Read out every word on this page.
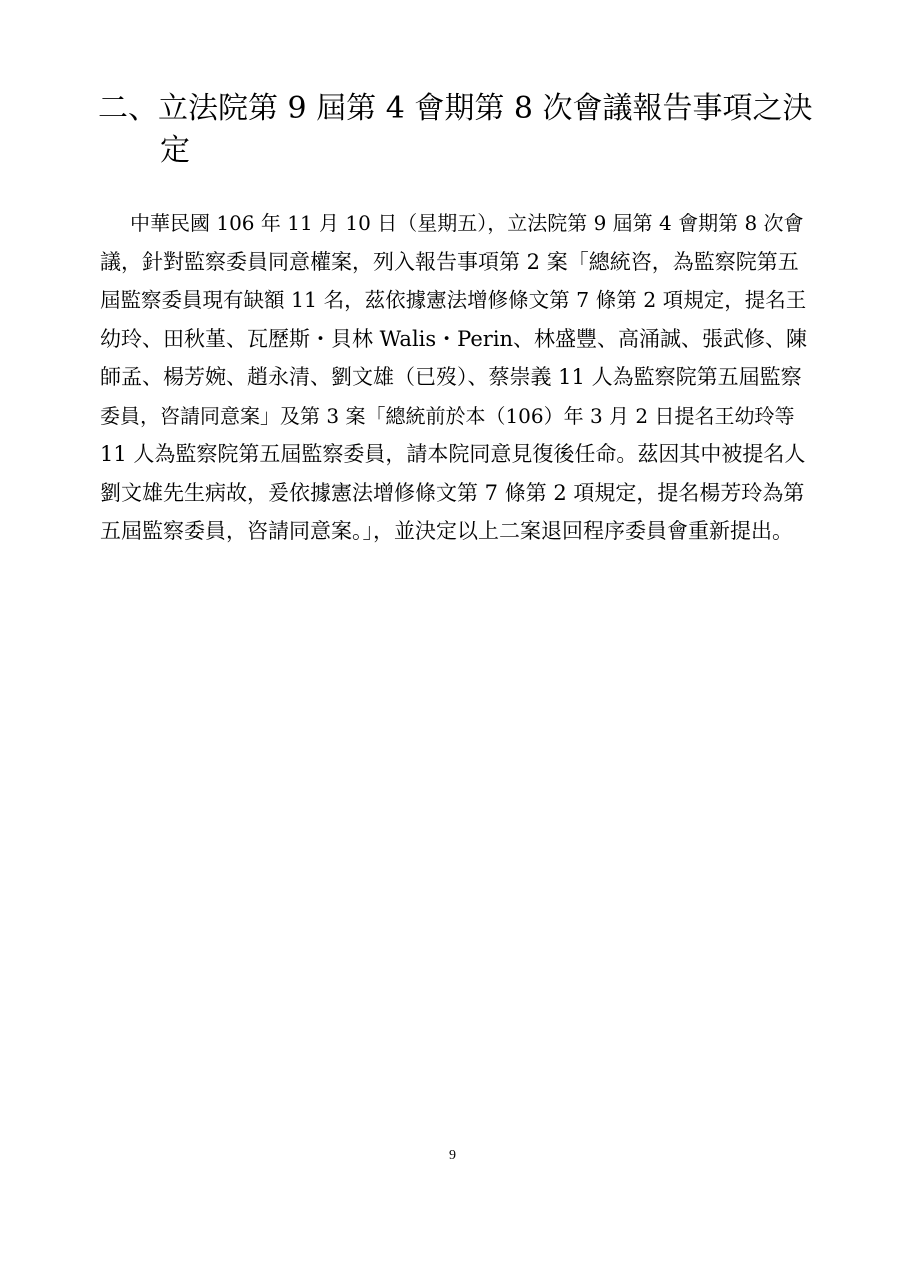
二、立法院第 9 屆第 4 會期第 8 次會議報告事項之決
定
中華民國 106 年 11 月 10 日（星期五），立法院第 9 屆第 4 會期第 8 次會
議，針對監察委員同意權案，列入報告事項第 2 案「總統咨，為監察院第五
屆監察委員現有缺額 11 名，茲依據憲法增修條文第 7 條第 2 項規定，提名王
幼玲、田秋堇、瓦歷斯・貝林 Walis・Perin、林盛豐、高涌誠、張武修、陳
師孟、楊芳婉、趙永清、劉文雄（已歿）、蔡崇義 11 人為監察院第五屆監察
委員，咨請同意案」及第 3 案「總統前於本（106）年 3 月 2 日提名王幼玲等
11 人為監察院第五屆監察委員，請本院同意見復後任命。茲因其中被提名人
劉文雄先生病故，爰依據憲法增修條文第 7 條第 2 項規定，提名楊芳玲為第
五屆監察委員，咨請同意案。」，並決定以上二案退回程序委員會重新提出。
9
